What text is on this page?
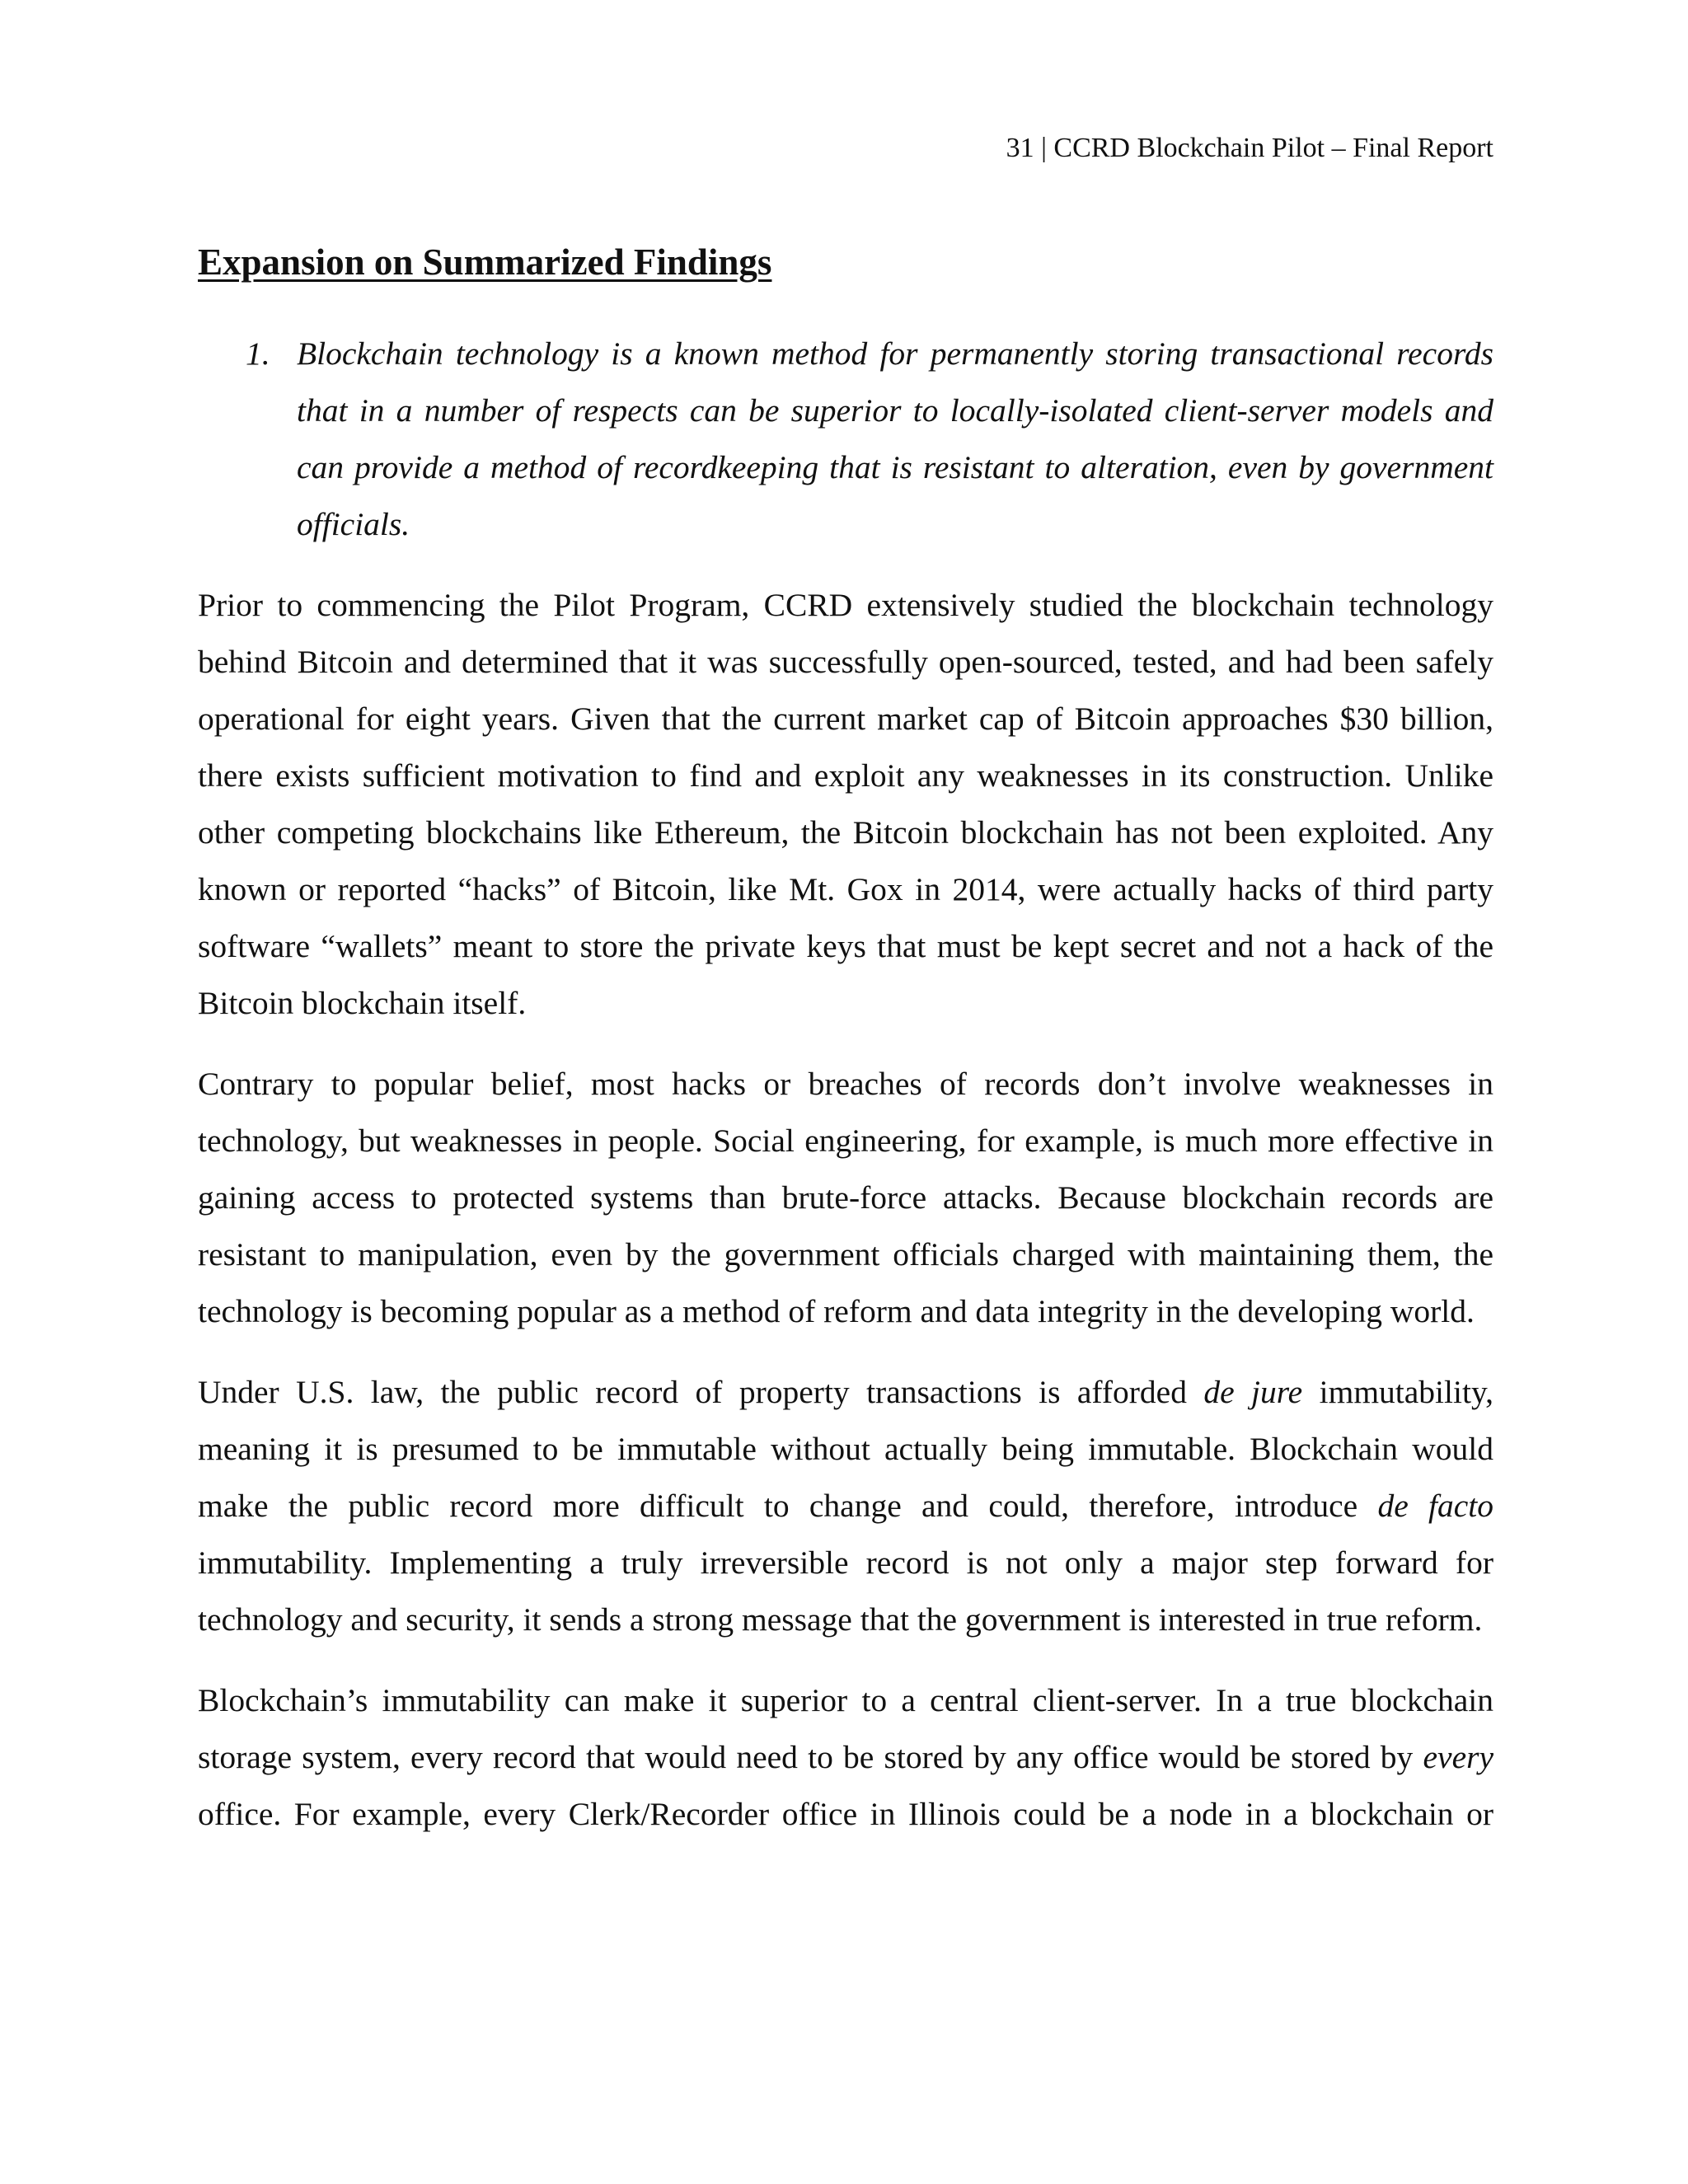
31 | CCRD Blockchain Pilot – Final Report
Expansion on Summarized Findings
1. Blockchain technology is a known method for permanently storing transactional records that in a number of respects can be superior to locally-isolated client-server models and can provide a method of recordkeeping that is resistant to alteration, even by government officials.

Prior to commencing the Pilot Program, CCRD extensively studied the blockchain technology behind Bitcoin and determined that it was successfully open-sourced, tested, and had been safely operational for eight years. Given that the current market cap of Bitcoin approaches $30 billion, there exists sufficient motivation to find and exploit any weaknesses in its construction. Unlike other competing blockchains like Ethereum, the Bitcoin blockchain has not been exploited. Any known or reported “hacks” of Bitcoin, like Mt. Gox in 2014, were actually hacks of third party software “wallets” meant to store the private keys that must be kept secret and not a hack of the Bitcoin blockchain itself.

Contrary to popular belief, most hacks or breaches of records don’t involve weaknesses in technology, but weaknesses in people. Social engineering, for example, is much more effective in gaining access to protected systems than brute-force attacks. Because blockchain records are resistant to manipulation, even by the government officials charged with maintaining them, the technology is becoming popular as a method of reform and data integrity in the developing world.

Under U.S. law, the public record of property transactions is afforded de jure immutability, meaning it is presumed to be immutable without actually being immutable. Blockchain would make the public record more difficult to change and could, therefore, introduce de facto immutability. Implementing a truly irreversible record is not only a major step forward for technology and security, it sends a strong message that the government is interested in true reform.

Blockchain’s immutability can make it superior to a central client-server. In a true blockchain storage system, every record that would need to be stored by any office would be stored by every office. For example, every Clerk/Recorder office in Illinois could be a node in a blockchain or
